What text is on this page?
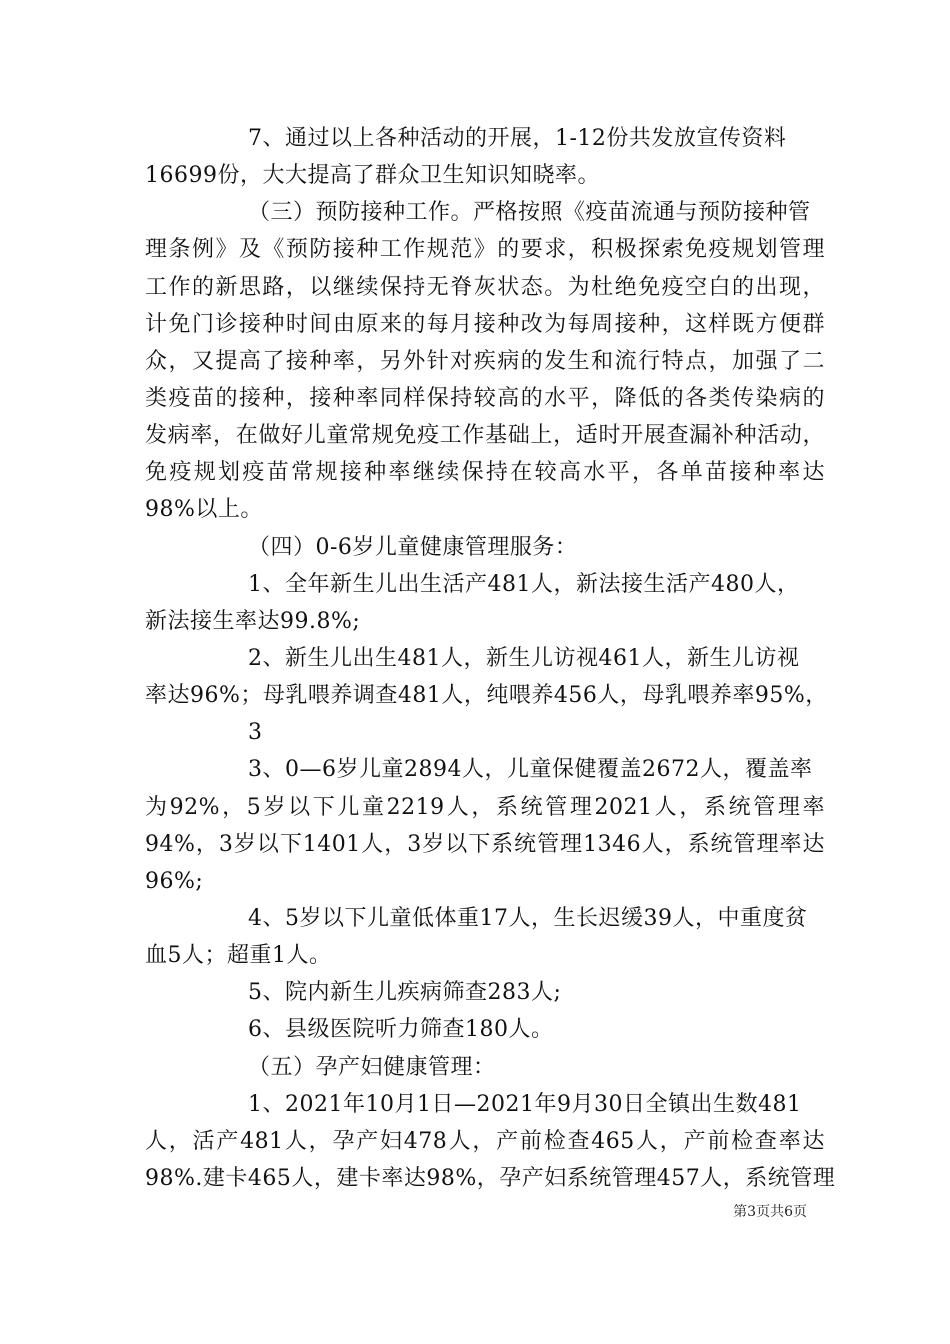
7、通过以上各种活动的开展，1-12份共发放宣传资料
16699份，大大提高了群众卫生知识知晓率。
（三）预防接种工作。严格按照《疫苗流通与预防接种管
理条例》及《预防接种工作规范》的要求，积极探索免疫规划管理
工作的新思路，以继续保持无脊灰状态。为杜绝免疫空白的出现，
计免门诊接种时间由原来的每月接种改为每周接种，这样既方便群
众，又提高了接种率，另外针对疾病的发生和流行特点，加强了二
类疫苗的接种，接种率同样保持较高的水平，降低的各类传染病的
发病率，在做好儿童常规免疫工作基础上，适时开展查漏补种活动，
免疫规划疫苗常规接种率继续保持在较高水平，各单苗接种率达
98%以上。
（四）0-6岁儿童健康管理服务：
1、全年新生儿出生活产481人，新法接生活产480人，
新法接生率达99.8%;
2、新生儿出生481人，新生儿访视461人，新生儿访视
率达96%；母乳喂养调查481人，纯喂养456人，母乳喂养率95%，
3
3、0—6岁儿童2894人，儿童保健覆盖2672人，覆盖率
为92%，5岁以下儿童2219人，系统管理2021人，系统管理率
94%，3岁以下1401人，3岁以下系统管理1346人，系统管理率达
96%;
4、5岁以下儿童低体重17人，生长迟缓39人，中重度贫
血5人；超重1人。
5、院内新生儿疾病筛查283人;
6、县级医院听力筛查180人。
（五）孕产妇健康管理：
1、2021年10月1日—2021年9月30日全镇出生数481
人，活产481人，孕产妇478人，产前检查465人，产前检查率达
98%.建卡465人，建卡率达98%，孕产妇系统管理457人，系统管理
第3页共6页
